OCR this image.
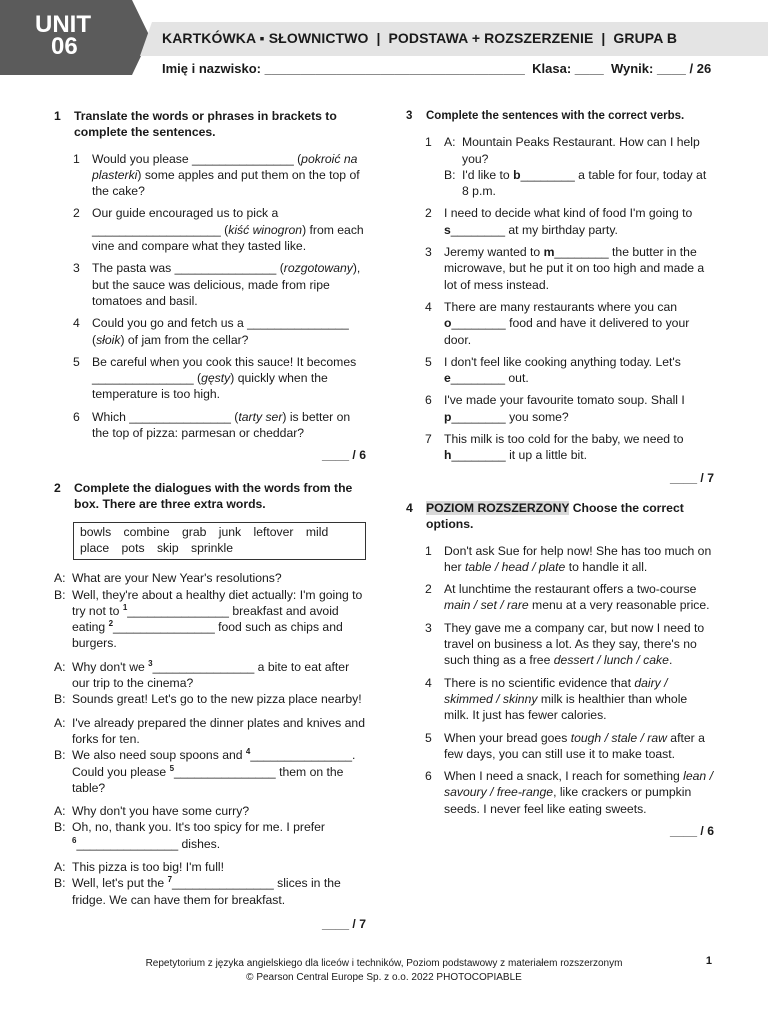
UNIT
06	KARTKÓWKA ▪ SŁOWNICTWO  |  PODSTAWA + ROZSZERZENIE  |  GRUPA B
Imię i nazwisko: ____________________________________ Klasa: ____ Wynik: ____ / 26
1 Translate the words or phrases in brackets to complete the sentences.
1 Would you please _______________ (pokroić na plasterki) some apples and put them on the top of the cake?
2 Our guide encouraged us to pick a ___________________ (kiść winogron) from each vine and compare what they tasted like.
3 The pasta was _______________ (rozgotowany), but the sauce was delicious, made from ripe tomatoes and basil.
4 Could you go and fetch us a _______________ (słoik) of jam from the cellar?
5 Be careful when you cook this sauce! It becomes _______________ (gęsty) quickly when the temperature is too high.
6 Which _______________ (tarty ser) is better on the top of pizza: parmesan or cheddar?

____ / 6

2 Complete the dialogues with the words from the box. There are three extra words.
bowls combine grab junk leftover mild
place pots skip sprinkle
A: What are your New Year's resolutions?
B: Well, they're about a healthy diet actually: I'm going to try not to $^1$_______________ breakfast and avoid eating $^2$_______________ food such as chips and burgers.
A: Why don't we $^3$_______________ a bite to eat after our trip to the cinema?
B: Sounds great! Let's go to the new pizza place nearby!
A: I've already prepared the dinner plates and knives and forks for ten.
B: We also need soup spoons and $^4$_______________. Could you please $^5$_______________ them on the table?
A: Why don't you have some curry?
B: Oh, no, thank you. It's too spicy for me. I prefer $^6$_______________ dishes.
A: This pizza is too big! I'm full!
B: Well, let's put the $^7$_______________ slices in the fridge. We can have them for breakfast.

____ / 7

3 Complete the sentences with the correct verbs.
1 A: Mountain Peaks Restaurant. How can I help you?
B: I'd like to b________ a table for four, today at 8 p.m.
2 I need to decide what kind of food I'm going to s________ at my birthday party.
3 Jeremy wanted to m________ the butter in the microwave, but he put it on too high and made a lot of mess instead.
4 There are many restaurants where you can o________ food and have it delivered to your door.
5 I don't feel like cooking anything today. Let's e________ out.
6 I've made your favourite tomato soup. Shall I p________ you some?
7 This milk is too cold for the baby, we need to h________ it up a little bit.

____ / 7

4 POZIOM ROZSZERZONY Choose the correct options.
1 Don't ask Sue for help now! She has too much on her table / head / plate to handle it all.
2 At lunchtime the restaurant offers a two-course main / set / rare menu at a very reasonable price.
3 They gave me a company car, but now I need to travel on business a lot. As they say, there's no such thing as a free dessert / lunch / cake.
4 There is no scientific evidence that dairy / skimmed / skinny milk is healthier than whole milk. It just has fewer calories.
5 When your bread goes tough / stale / raw after a few days, you can still use it to make toast.
6 When I need a snack, I reach for something lean / savoury / free-range, like crackers or pumpkin seeds. I never feel like eating sweets.

____ / 6

Repetytorium z języka angielskiego dla liceów i techników, Poziom podstawowy z materiałem rozszerzonym
© Pearson Central Europe Sp. z o.o. 2022 PHOTOCOPIABLE
1
